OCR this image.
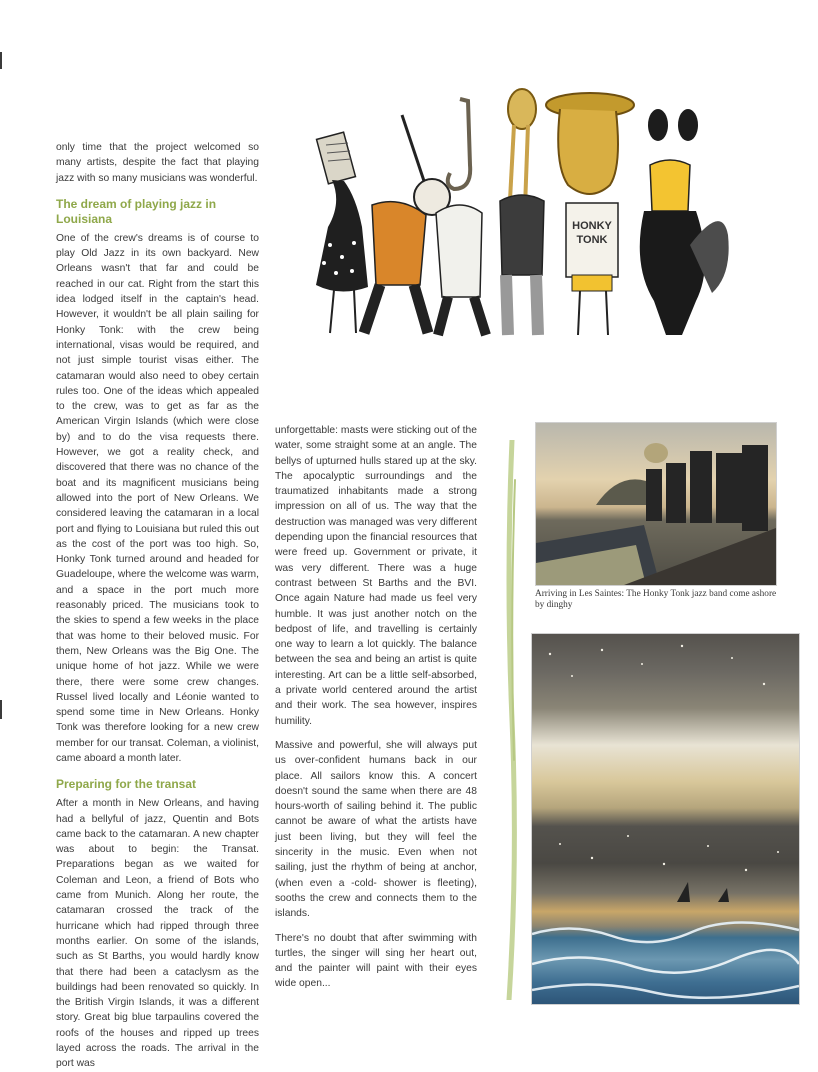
HONKY
TONK

only time that the project welcomed so many artists, despite the fact that playing jazz with so many musicians was wonderful.

The dream of playing jazz in Louisiana

One of the crew's dreams is of course to play Old Jazz in its own backyard. New Orleans wasn't that far and could be reached in our cat. Right from the start this idea lodged itself in the captain's head. However, it wouldn't be all plain sailing for Honky Tonk: with the crew being international, visas would be required, and not just simple tourist visas either. The catamaran would also need to obey certain rules too. One of the ideas which appealed to the crew, was to get as far as the American Virgin Islands (which were close by) and to do the visa requests there. However, we got a reality check, and discovered that there was no chance of the boat and its magnificent musicians being allowed into the port of New Orleans. We considered leaving the catamaran in a local port and flying to Louisiana but ruled this out as the cost of the port was too high. So, Honky Tonk turned around and headed for Guadeloupe, where the welcome was warm, and a space in the port much more reasonably priced. The musicians took to the skies to spend a few weeks in the place that was home to their beloved music. For them, New Orleans was the Big One. The unique home of hot jazz. While we were there, there were some crew changes. Russel lived locally and Léonie wanted to spend some time in New Orleans. Honky Tonk was therefore looking for a new crew member for our transat. Coleman, a violinist, came aboard a month later.

Preparing for the transat

After a month in New Orleans, and having had a bellyful of jazz, Quentin and Bots came back to the catamaran. A new chapter was about to begin: the Transat. Preparations began as we waited for Coleman and Leon, a friend of Bots who came from Munich. Along her route, the catamaran crossed the track of the hurricane which had ripped through three months earlier. On some of the islands, such as St Barths, you would hardly know that there had been a cataclysm as the buildings had been renovated so quickly. In the British Virgin Islands, it was a different story. Great big blue tarpaulins covered the roofs of the houses and ripped up trees layed across the roads. The arrival in the port was

unforgettable: masts were sticking out of the water, some straight some at an angle. The bellys of upturned hulls stared up at the sky. The apocalyptic surroundings and the traumatized inhabitants made a strong impression on all of us. The way that the destruction was managed was very different depending upon the financial resources that were freed up. Government or private, it was very different. There was a huge contrast between St Barths and the BVI. Once again Nature had made us feel very humble. It was just another notch on the bedpost of life, and travelling is certainly one way to learn a lot quickly. The balance between the sea and being an artist is quite interesting. Art can be a little self-absorbed, a private world centered around the artist and their work. The sea however, inspires humility.

Massive and powerful, she will always put us over-confident humans back in our place. All sailors know this. A concert doesn't sound the same when there are 48 hours-worth of sailing behind it. The public cannot be aware of what the artists have just been living, but they will feel the sincerity in the music. Even when not sailing, just the rhythm of being at anchor, (when even a -cold- shower is fleeting), sooths the crew and connects them to the islands.

There's no doubt that after swimming with turtles, the singer will sing her heart out, and the painter will paint with their eyes wide open...

Arriving in Les Saintes: The Honky Tonk jazz band come ashore by dinghy
